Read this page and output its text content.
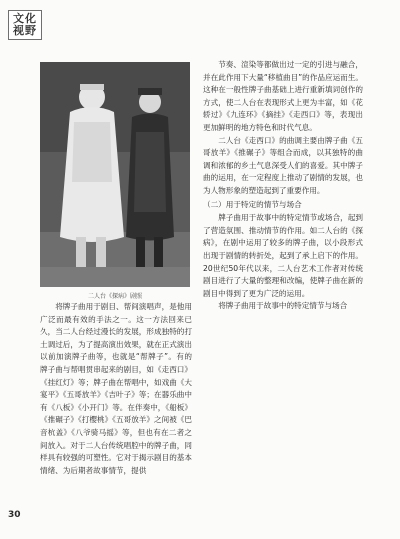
文化
视野
二人台《探病》剧照

将牌子曲用于剧目、帮间演唱声，是他用广泛而最有效的手法之一。这一方法回来已久，当二人台经过漫长的发展，形成独特的打土调过后，为了提高演出效果，就在正式演出以前加演牌子曲等，也就是“帮牌子”。有的牌子曲与帮唱贯串起来的剧目，如《走西口》《挂红灯》等；牌子曲在帮唱中，如戏曲《大宴平》《五哥放羊》《吉叶子》等；在器乐曲中有《八板》《小开门》等。在伴奏中，《船板》《推碾子》《打樱桃》《五哥放羊》之间被《巴音杭盖》《八爷骑马摇》等，但也有在二者之间放入。对于二人台传统唱腔中的牌子曲，同样具有较强的可塑性。它对于揭示剧目的基本情绪、为后期者故事情节，提供

节奏、渲染等都做出过一定的引进与融合，并在此作用下大量“移植曲目”的作品应运而生。这种在一般性牌子曲基础上进行重新填词创作的方式，使二人台在表现形式上更为丰富，如《花轿过》《九连环》《摘挂》《走西口》等，表现出更加鲜明的地方特色和时代气息。

二人台《走西口》的曲调主要由牌子曲《五哥放羊》《推碾子》等组合而成，以其独特的曲调和浓郁的乡土气息深受人们的喜爱。其中牌子曲的运用，在一定程度上推动了剧情的发展，也为人物形象的塑造起到了重要作用。

（二）用于特定的情节与场合

牌子曲用于故事中的特定情节或场合，起到了营造氛围、推动情节的作用。如二人台的《探病》，在剧中运用了较多的牌子曲，以小段形式出现于剧情的转折处，起到了承上启下的作用。20世纪50年代以来，二人台艺术工作者对传统剧目进行了大量的整理和改编，使牌子曲在新的剧目中得到了更为广泛的运用。

将牌子曲用于故事中的特定情节与场合

30
